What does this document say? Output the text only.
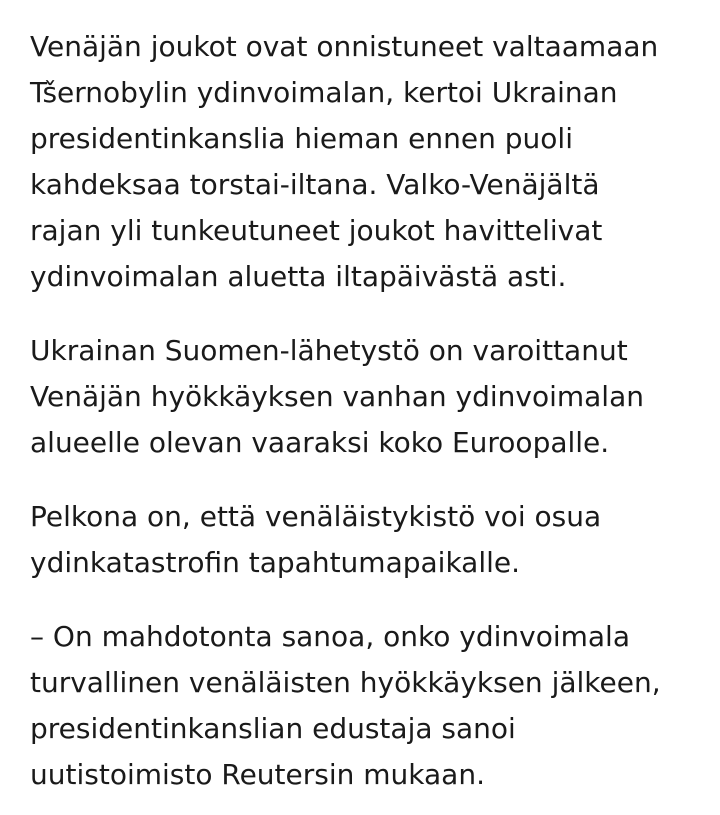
Venäjän joukot ovat onnistuneet valtaamaan
Tšernobylin ydinvoimalan, kertoi Ukrainan
presidentinkanslia hieman ennen puoli
kahdeksaa torstai-iltana. Valko-Venäjältä
rajan yli tunkeutuneet joukot havittelivat
ydinvoimalan aluetta iltapäivästä asti.

Ukrainan Suomen-lähetystö on varoittanut
Venäjän hyökkäyksen vanhan ydinvoimalan
alueelle olevan vaaraksi koko Euroopalle.

Pelkona on, että venäläistykistö voi osua
ydinkatastrofin tapahtumapaikalle.

– On mahdotonta sanoa, onko ydinvoimala
turvallinen venäläisten hyökkäyksen jälkeen,
presidentinkanslian edustaja sanoi
uutistoimisto Reutersin mukaan.
